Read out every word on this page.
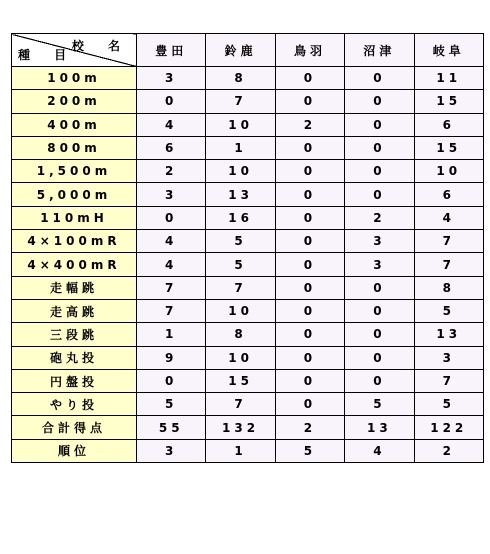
校 名
種 目	豊田	鈴鹿	鳥羽	沼津	岐阜
100m	3	8	0	0	11
200m	0	7	0	0	15
400m	4	10	2	0	6
800m	6	1	0	0	15
1,500m	2	10	0	0	10
5,000m	3	13	0	0	6
110mH	0	16	0	2	4
4×100mR	4	5	0	3	7
4×400mR	4	5	0	3	7
走幅跳	7	7	0	0	8
走高跳	7	10	0	0	5
三段跳	1	8	0	0	13
砲丸投	9	10	0	0	3
円盤投	0	15	0	0	7
やり投	5	7	0	5	5
合計得点	55	132	2	13	122
順位	3	1	5	4	2
